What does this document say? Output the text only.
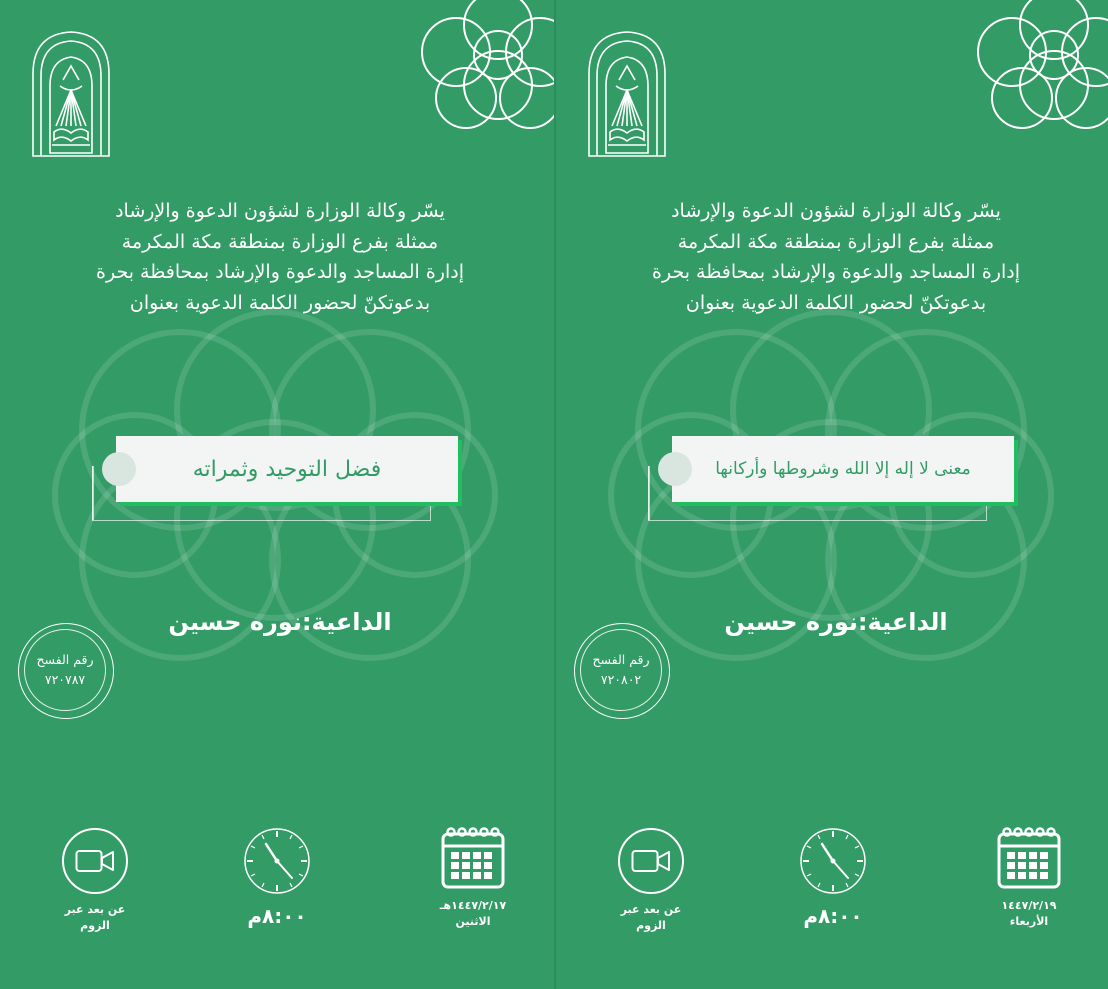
يسّر وكالة الوزارة لشؤون الدعوة والإرشاد
ممثلة بفرع الوزارة بمنطقة مكة المكرمة
إدارة المساجد والدعوة والإرشاد بمحافظة بحرة
بدعوتكنّ لحضور الكلمة الدعوية بعنوان
فضل التوحيد وثمراته
الداعية:نوره حسين
رقم الفسح
٧٢٠٧٨٧
عن بعد عبر
الزوم	٨:٠٠م	١٤٤٧/٢/١٧هـ
الاثنين
يسّر وكالة الوزارة لشؤون الدعوة والإرشاد
ممثلة بفرع الوزارة بمنطقة مكة المكرمة
إدارة المساجد والدعوة والإرشاد بمحافظة بحرة
بدعوتكنّ لحضور الكلمة الدعوية بعنوان
معنى لا إله إلا الله وشروطها وأركانها
الداعية:نوره حسين
رقم الفسح
٧٢٠٨٠٢
عن بعد عبر
الزوم	٨:٠٠م	١٤٤٧/٢/١٩
الأربعاء
